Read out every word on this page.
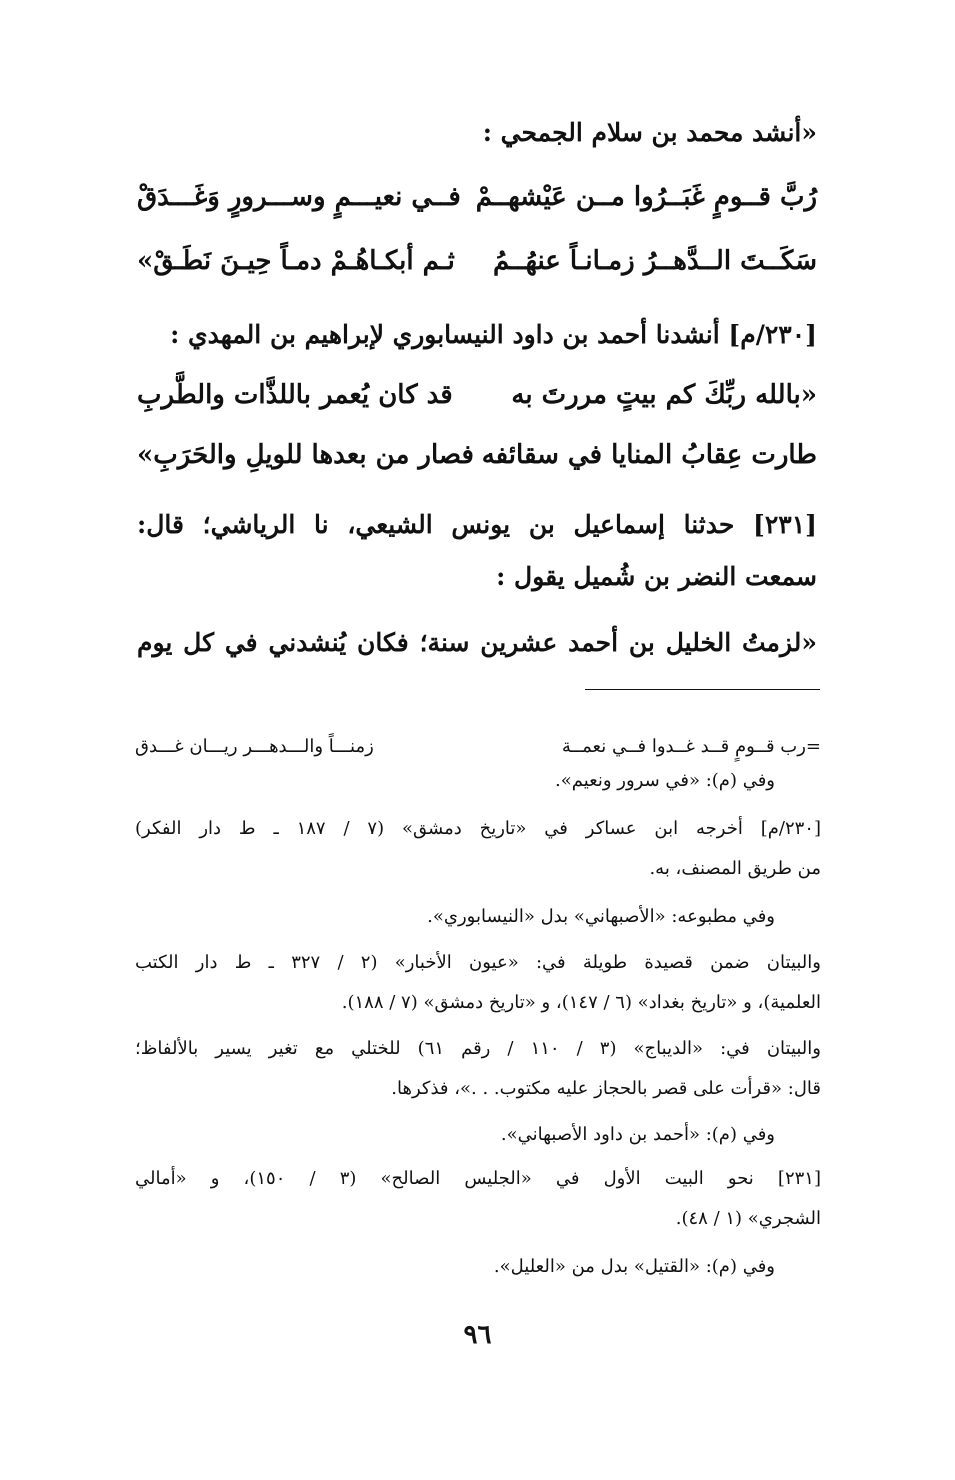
«أنشد محمد بن سلام الجمحي :
رُبَّ قــومٍ غَبَــرُوا مــن عَيْشهــمْ
فــي نعيـــمٍ وســـرورٍ وَغَـــدَقْ
سَكَــتَ الــدَّهــرُ زمـانـاً عنهُــمُ
ثـم أبكـاهُـمْ دمـاً حِيـنَ نَطَـقْ»
[٢٣٠/م] أنشدنا أحمد بن داود النيسابوري لإبراهيم بن المهدي :
«بالله ربِّكَ كم بيتٍ مررتَ به
قد كان يُعمر باللذَّات والطَّربِ
طارت عِقابُ المنايا في سقائفه
فصار من بعدها للويلِ والحَرَبِ»
[٢٣١] حدثنا إسماعيل بن يونس الشيعي، نا الرياشي؛ قال:
سمعت النضر بن شُميل يقول :
«لزمتُ الخليل بن أحمد عشرين سنة؛ فكان يُنشدني في كل يوم
=رب قــومٍ قــد غــدوا فــي نعمــة
زمنـــاً والـــدهـــر ريـــان غـــدق
وفي (م): «في سرور ونعيم».
[٢٣٠/م] أخرجه ابن عساكر في «تاريخ دمشق» (٧ / ١٨٧ ـ ط دار الفكر)
من طريق المصنف، به.
وفي مطبوعه: «الأصبهاني» بدل «النيسابوري».
والبيتان ضمن قصيدة طويلة في: «عيون الأخبار» (٢ / ٣٢٧ ـ ط دار الكتب
العلمية)، و «تاريخ بغداد» (٦ / ١٤٧)، و «تاريخ دمشق» (٧ / ١٨٨).
والبيتان في: «الديباج» (٣ / ١١٠ / رقم ٦١) للختلي مع تغير يسير بالألفاظ؛
قال: «قرأت على قصر بالحجاز عليه مكتوب. . .»، فذكرها.
وفي (م): «أحمد بن داود الأصبهاني».
[٢٣١] نحو البيت الأول في «الجليس الصالح» (٣ / ١٥٠)، و «أمالي
الشجري» (١ / ٤٨).
وفي (م): «القتيل» بدل من «العليل».
٩٦
